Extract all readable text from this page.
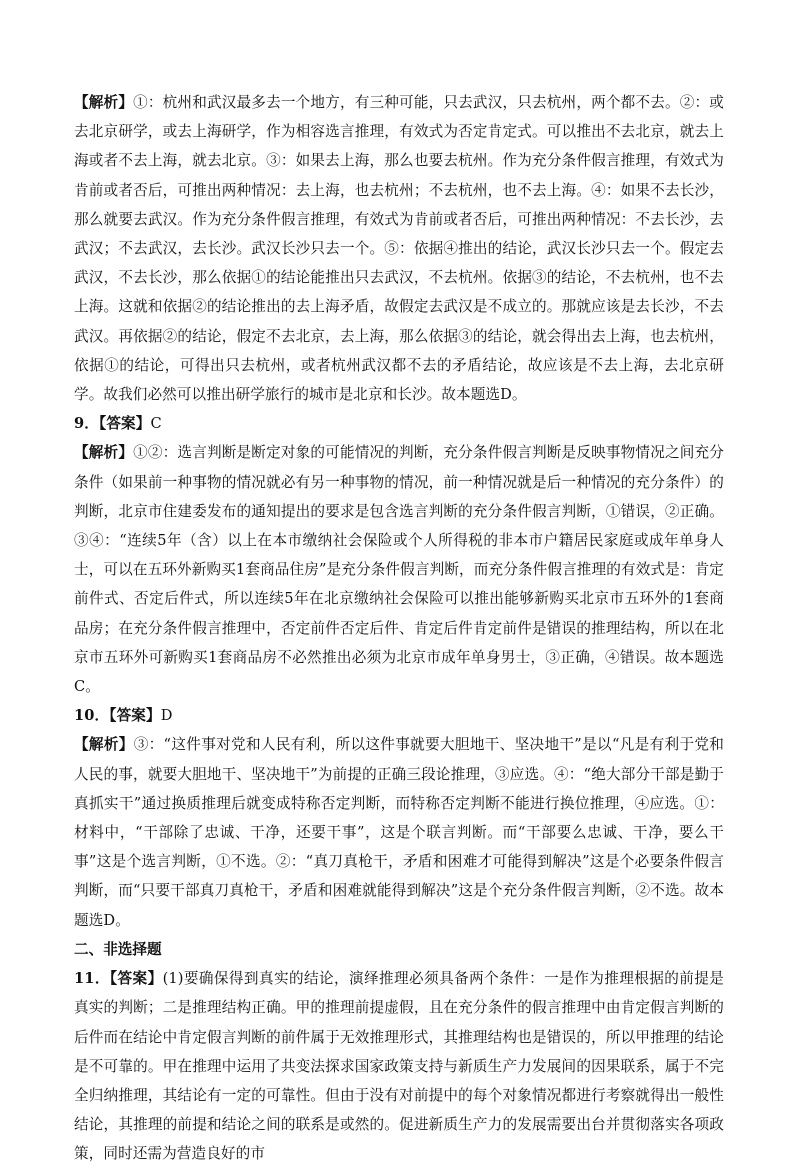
【解析】①：杭州和武汉最多去一个地方，有三种可能，只去武汉，只去杭州，两个都不去。②：或去北京研学，或去上海研学，作为相容选言推理，有效式为否定肯定式。可以推出不去北京，就去上海或者不去上海，就去北京。③：如果去上海，那么也要去杭州。作为充分条件假言推理，有效式为肯前或者否后，可推出两种情况：去上海，也去杭州；不去杭州，也不去上海。④：如果不去长沙，那么就要去武汉。作为充分条件假言推理，有效式为肯前或者否后，可推出两种情况：不去长沙，去武汉；不去武汉，去长沙。武汉长沙只去一个。⑤：依据④推出的结论，武汉长沙只去一个。假定去武汉，不去长沙，那么依据①的结论能推出只去武汉，不去杭州。依据③的结论，不去杭州，也不去上海。这就和依据②的结论推出的去上海矛盾，故假定去武汉是不成立的。那就应该是去长沙，不去武汉。再依据②的结论，假定不去北京，去上海，那么依据③的结论，就会得出去上海，也去杭州，依据①的结论，可得出只去杭州，或者杭州武汉都不去的矛盾结论，故应该是不去上海，去北京研学。故我们必然可以推出研学旅行的城市是北京和长沙。故本题选D。

9．【答案】C

【解析】①②：选言判断是断定对象的可能情况的判断，充分条件假言判断是反映事物情况之间充分条件（如果前一种事物的情况就必有另一种事物的情况，前一种情况就是后一种情况的充分条件）的判断，北京市住建委发布的通知提出的要求是包含选言判断的充分条件假言判断，①错误，②正确。③④：“连续5年（含）以上在本市缴纳社会保险或个人所得税的非本市户籍居民家庭或成年单身人士，可以在五环外新购买1套商品住房”是充分条件假言判断，而充分条件假言推理的有效式是：肯定前件式、否定后件式，所以连续5年在北京缴纳社会保险可以推出能够新购买北京市五环外的1套商品房；在充分条件假言推理中，否定前件否定后件、肯定后件肯定前件是错误的推理结构，所以在北京市五环外可新购买1套商品房不必然推出必须为北京市成年单身男士，③正确，④错误。故本题选C。

10．【答案】D

【解析】③：“这件事对党和人民有利，所以这件事就要大胆地干、坚决地干”是以“凡是有利于党和人民的事，就要大胆地干、坚决地干”为前提的正确三段论推理，③应选。④：“绝大部分干部是勤于真抓实干”通过换质推理后就变成特称否定判断，而特称否定判断不能进行换位推理，④应选。①：材料中，“干部除了忠诚、干净，还要干事”，这是个联言判断。而“干部要么忠诚、干净，要么干事”这是个选言判断，①不选。②：“真刀真枪干，矛盾和困难才可能得到解决”这是个必要条件假言判断，而“只要干部真刀真枪干，矛盾和困难就能得到解决”这是个充分条件假言判断，②不选。故本题选D。

二、非选择题

11．【答案】(1)要确保得到真实的结论，演绎推理必须具备两个条件：一是作为推理根据的前提是真实的判断；二是推理结构正确。甲的推理前提虚假，且在充分条件的假言推理中由肯定假言判断的后件而在结论中肯定假言判断的前件属于无效推理形式，其推理结构也是错误的，所以甲推理的结论是不可靠的。甲在推理中运用了共变法探求国家政策支持与新质生产力发展间的因果联系，属于不完全归纳推理，其结论有一定的可靠性。但由于没有对前提中的每个对象情况都进行考察就得出一般性结论，其推理的前提和结论之间的联系是或然的。促进新质生产力的发展需要出台并贯彻落实各项政策，同时还需为营造良好的市
